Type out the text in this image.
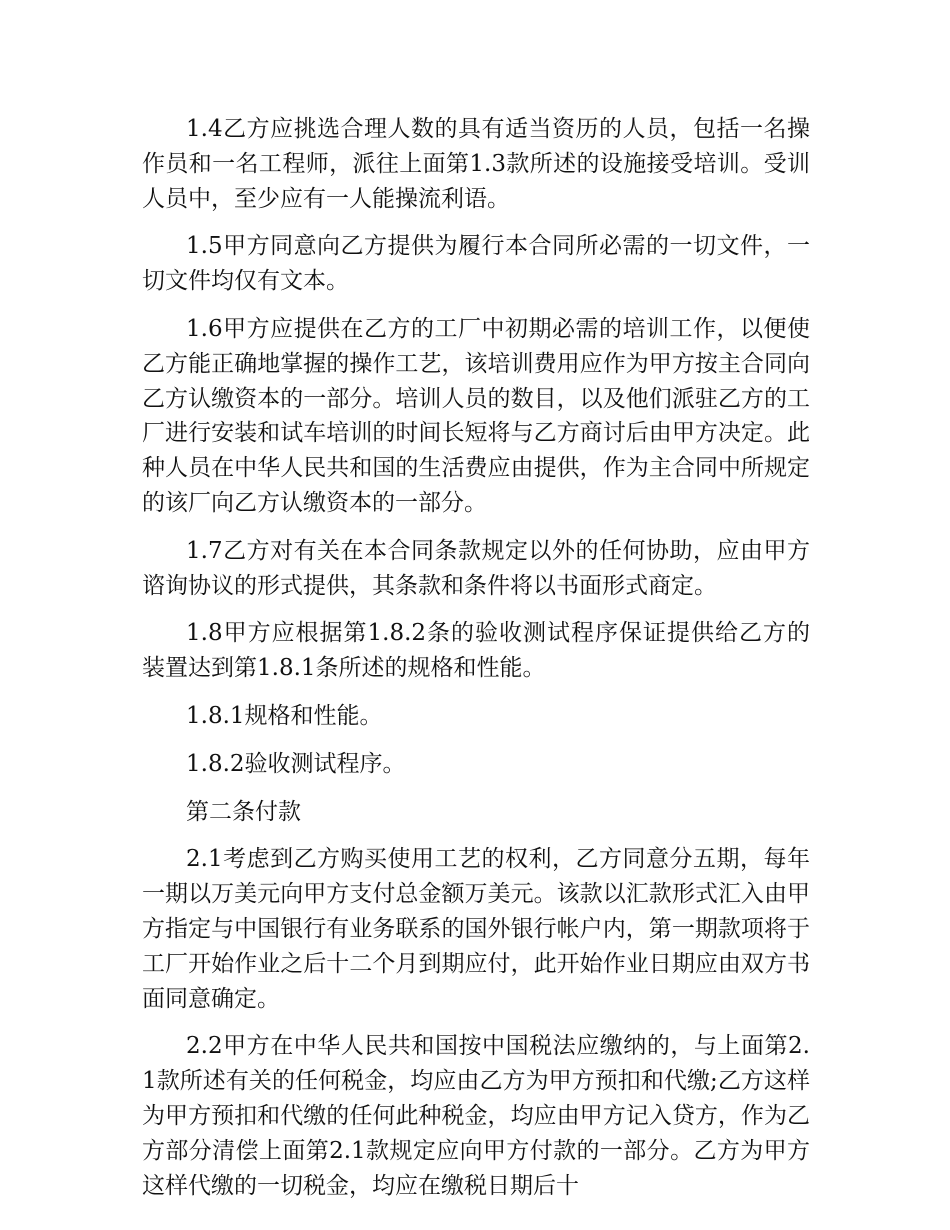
1.4乙方应挑选合理人数的具有适当资历的人员，包括一名操作员和一名工程师，派往上面第1.3款所述的设施接受培训。受训人员中，至少应有一人能操流利语。

1.5甲方同意向乙方提供为履行本合同所必需的一切文件，一切文件均仅有文本。

1.6甲方应提供在乙方的工厂中初期必需的培训工作，以便使乙方能正确地掌握的操作工艺，该培训费用应作为甲方按主合同向乙方认缴资本的一部分。培训人员的数目，以及他们派驻乙方的工厂进行安装和试车培训的时间长短将与乙方商讨后由甲方决定。此种人员在中华人民共和国的生活费应由提供，作为主合同中所规定的该厂向乙方认缴资本的一部分。

1.7乙方对有关在本合同条款规定以外的任何协助，应由甲方谘询协议的形式提供，其条款和条件将以书面形式商定。

1.8甲方应根据第1.8.2条的验收测试程序保证提供给乙方的装置达到第1.8.1条所述的规格和性能。

1.8.1规格和性能。

1.8.2验收测试程序。

第二条付款

2.1考虑到乙方购买使用工艺的权利，乙方同意分五期，每年一期以万美元向甲方支付总金额万美元。该款以汇款形式汇入由甲方指定与中国银行有业务联系的国外银行帐户内，第一期款项将于工厂开始作业之后十二个月到期应付，此开始作业日期应由双方书面同意确定。

2.2甲方在中华人民共和国按中国税法应缴纳的，与上面第2.1款所述有关的任何税金，均应由乙方为甲方预扣和代缴;乙方这样为甲方预扣和代缴的任何此种税金，均应由甲方记入贷方，作为乙方部分清偿上面第2.1款规定应向甲方付款的一部分。乙方为甲方这样代缴的一切税金，均应在缴税日期后十
